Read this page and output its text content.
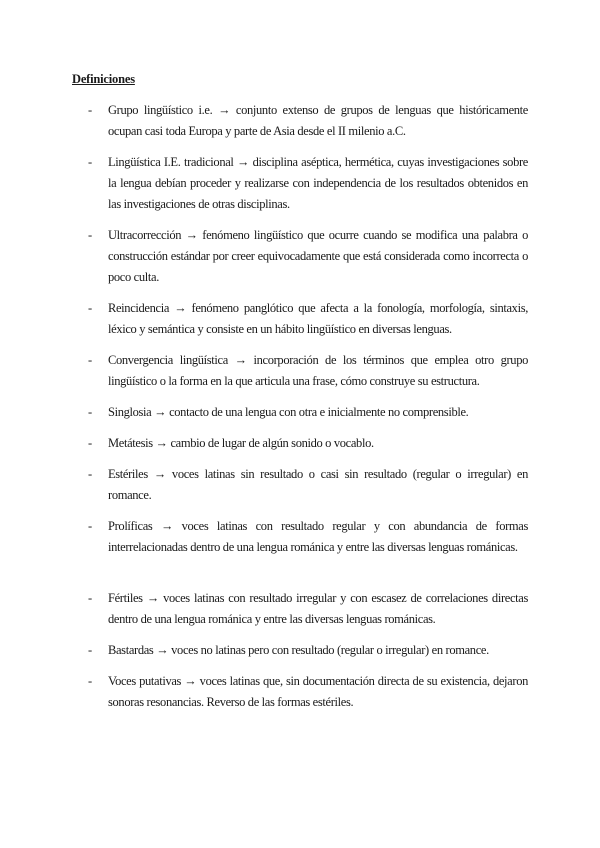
Definiciones
- Grupo lingüístico i.e. → conjunto extenso de grupos de lenguas que históricamente ocupan casi toda Europa y parte de Asia desde el II milenio a.C.
- Lingüística I.E. tradicional → disciplina aséptica, hermética, cuyas investigaciones sobre la lengua debían proceder y realizarse con independencia de los resultados obtenidos en las investigaciones de otras disciplinas.
- Ultracorrección → fenómeno lingüístico que ocurre cuando se modifica una palabra o construcción estándar por creer equivocadamente que está considerada como incorrecta o poco culta.
- Reincidencia → fenómeno panglótico que afecta a la fonología, morfología, sintaxis, léxico y semántica y consiste en un hábito lingüístico en diversas lenguas.
- Convergencia lingüística → incorporación de los términos que emplea otro grupo lingüístico o la forma en la que articula una frase, cómo construye su estructura.
- Singlosia → contacto de una lengua con otra e inicialmente no comprensible.
- Metátesis → cambio de lugar de algún sonido o vocablo.
- Estériles → voces latinas sin resultado o casi sin resultado (regular o irregular) en romance.
- Prolíficas → voces latinas con resultado regular y con abundancia de formas interrelacionadas dentro de una lengua románica y entre las diversas lenguas románicas.
- Fértiles → voces latinas con resultado irregular y con escasez de correlaciones directas dentro de una lengua románica y entre las diversas lenguas románicas.
- Bastardas → voces no latinas pero con resultado (regular o irregular) en romance.
- Voces putativas → voces latinas que, sin documentación directa de su existencia, dejaron sonoras resonancias. Reverso de las formas estériles.
